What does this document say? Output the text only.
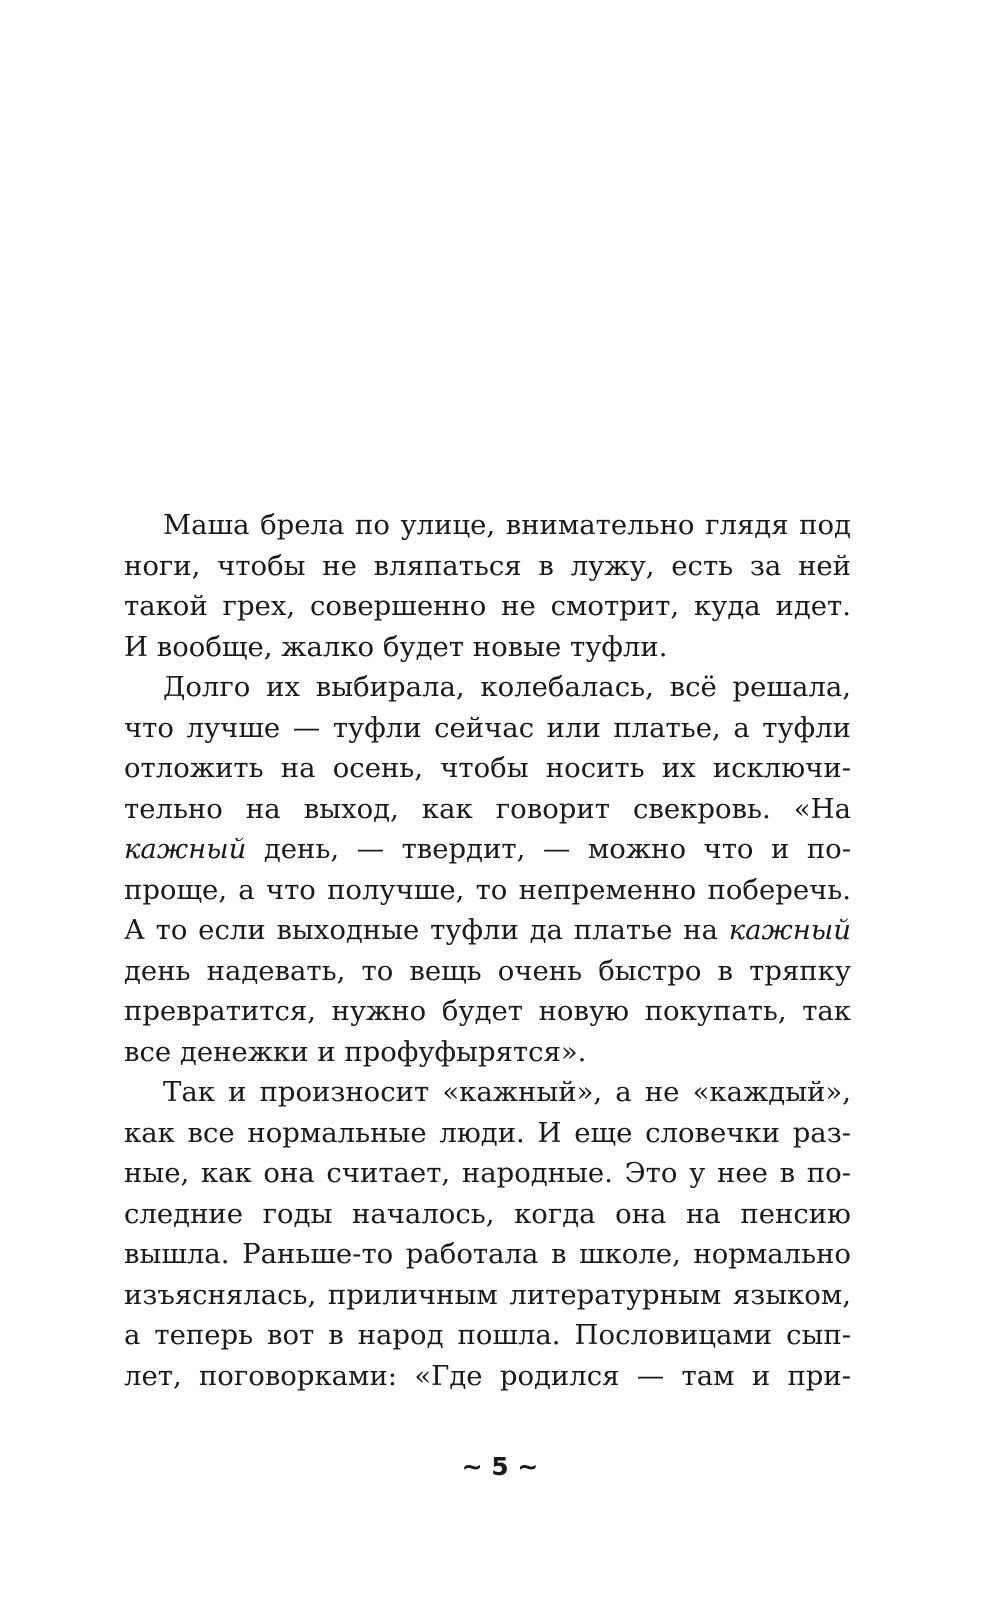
Маша брела по улице, внимательно глядя под
ноги, чтобы не вляпаться в лужу, есть за ней
такой грех, совершенно не смотрит, куда идет.
И вообще, жалко будет новые туфли.
Долго их выбирала, колебалась, всё решала,
что лучше — туфли сейчас или платье, а туфли
отложить на осень, чтобы носить их исключи-
тельно на выход, как говорит свекровь. «На
кажный день, — твердит, — можно что и по-
проще, а что получше, то непременно поберечь.
А то если выходные туфли да платье на кажный
день надевать, то вещь очень быстро в тряпку
превратится, нужно будет новую покупать, так
все денежки и профуфырятся».
Так и произносит «кажный», а не «каждый»,
как все нормальные люди. И еще словечки раз-
ные, как она считает, народные. Это у нее в по-
следние годы началось, когда она на пенсию
вышла. Раньше-то работала в школе, нормально
изъяснялась, приличным литературным языком,
а теперь вот в народ пошла. Пословицами сып-
лет, поговорками: «Где родился — там и при-
~ 5 ~
